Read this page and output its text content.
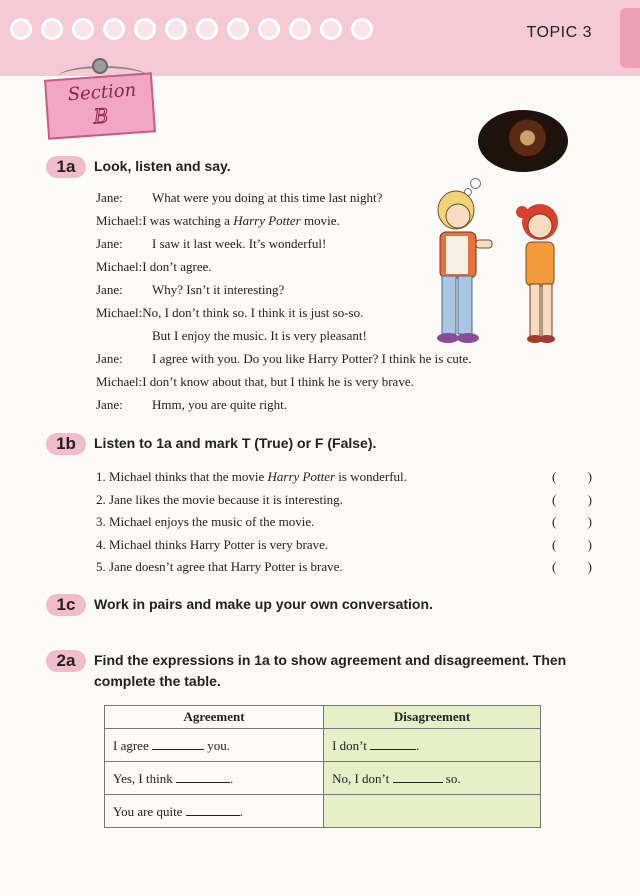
TOPIC 3
Section
B
1a	Look, listen and say.
Jane:	What were you doing at this time last night?
Michael: I was watching a Harry Potter movie.
Jane:	I saw it last week. It’s wonderful!
Michael: I don’t agree.
Jane:	Why? Isn’t it interesting?
Michael: No, I don’t think so. I think it is just so-so.
But I enjoy the music. It is very pleasant!
Jane:	I agree with you. Do you like Harry Potter? I think he is cute.
Michael: I don’t know about that, but I think he is very brave.
Jane:	Hmm, you are quite right.
1b	Listen to 1a and mark T (True) or F (False).
1. Michael thinks that the movie Harry Potter is wonderful.	( )
2. Jane likes the movie because it is interesting.	( )
3. Michael enjoys the music of the movie.	( )
4. Michael thinks Harry Potter is very brave.	( )
5. Jane doesn’t agree that Harry Potter is brave.	( )
1c	Work in pairs and make up your own conversation.
2a	Find the expressions in 1a to show agreement and disagreement. Then complete the table.
Agreement	Disagreement
I agree you.	I don’t .
Yes, I think .	No, I don’t so.
You are quite .	
